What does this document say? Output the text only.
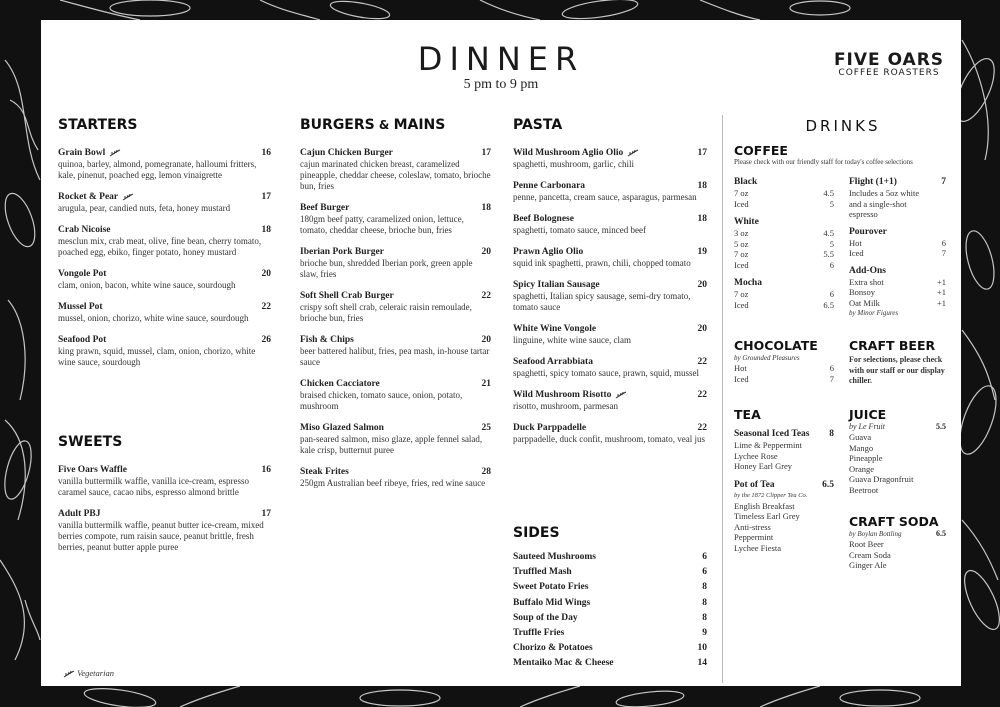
DINNER
5 pm to 9 pm
FIVE OARS
COFFEE ROASTERS
STARTERS
Grain Bowl	16
quinoa, barley, almond, pomegranate, halloumi fritters, kale, pinenut, poached egg, lemon vinaigrette
Rocket & Pear	17
arugula, pear, candied nuts, feta, honey mustard
Crab Nicoise	18
mesclun mix, crab meat, olive, fine bean, cherry tomato, poached egg, ebiko, finger potato, honey mustard
Vongole Pot	20
clam, onion, bacon, white wine sauce, sourdough
Mussel Pot	22
mussel, onion, chorizo, white wine sauce, sourdough
Seafood Pot	26
king prawn, squid, mussel, clam, onion, chorizo, white wine sauce, sourdough
SWEETS
Five Oars Waffle	16
vanilla buttermilk waffle, vanilla ice-cream, espresso caramel sauce, cacao nibs, espresso almond brittle
Adult PBJ	17
vanilla buttermilk waffle, peanut butter ice-cream, mixed berries compote, rum raisin sauce, peanut brittle, fresh berries, peanut butter apple puree
BURGERS & MAINS
Cajun Chicken Burger	17
cajun marinated chicken breast, caramelized pineapple, cheddar cheese, coleslaw, tomato, brioche bun, fries
Beef Burger	18
180gm beef patty, caramelized onion, lettuce, tomato, cheddar cheese, brioche bun, fries
Iberian Pork Burger	20
brioche bun, shredded Iberian pork, green apple slaw, fries
Soft Shell Crab Burger	22
crispy soft shell crab, celeraic raisin remoulade, brioche bun, fries
Fish & Chips	20
beer battered halibut, fries, pea mash, in-house tartar sauce
Chicken Cacciatore	21
braised chicken, tomato sauce, onion, potato, mushroom
Miso Glazed Salmon	25
pan-seared salmon, miso glaze, apple fennel salad, kale crisp, butternut puree
Steak Frites	28
250gm Australian beef ribeye, fries, red wine sauce
PASTA
Wild Mushroom Aglio Olio	17
spaghetti, mushroom, garlic, chili
Penne Carbonara	18
penne, pancetta, cream sauce, asparagus, parmesan
Beef Bolognese	18
spaghetti, tomato sauce, minced beef
Prawn Aglio Olio	19
squid ink spaghetti, prawn, chili, chopped tomato
Spicy Italian Sausage	20
spaghetti, Italian spicy sausage, semi-dry tomato, tomato sauce
White Wine Vongole	20
linguine, white wine sauce, clam
Seafood Arrabbiata	22
spaghetti, spicy tomato sauce, prawn, squid, mussel
Wild Mushroom Risotto	22
risotto, mushroom, parmesan
Duck Parppadelle	22
parppadelle, duck confit, mushroom, tomato, veal jus
SIDES
Sauteed Mushrooms	6
Truffled Mash	6
Sweet Potato Fries	8
Buffalo Mid Wings	8
Soup of the Day	8
Truffle Fries	9
Chorizo & Potatoes	10
Mentaiko Mac & Cheese	14
DRINKS
COFFEE
Please check with our friendly staff for today's coffee selections
Black
7 oz	4.5
Iced	5
White
3 oz	4.5
5 oz	5
7 oz	5.5
Iced	6
Mocha
7 oz	6
Iced	6.5
Flight (1+1)	7
Includes a 5oz white and a single-shot espresso
Pourover
Hot	6
Iced	7
Add-Ons
Extra shot	+1
Bonsoy	+1
Oat Milk	+1
by Minor Figures
CHOCOLATE
by Grounded Pleasures
Hot	6
Iced	7
CRAFT BEER
For selections, please check with our staff or our display chiller.
TEA
Seasonal Iced Teas 8
Lime & Peppermint
Lychee Rose
Honey Earl Grey
Pot of Tea	6.5
by the 1872 Clipper Tea Co.
English Breakfast
Timeless Earl Grey
Anti-stress
Peppermint
Lychee Fiesta
JUICE
by Le Fruit	5.5
Guava
Mango
Pineapple
Orange
Guava Dragonfruit
Beetroot
CRAFT SODA
by Boylan Bottling	6.5
Root Beer
Cream Soda
Ginger Ale
Vegetarian
